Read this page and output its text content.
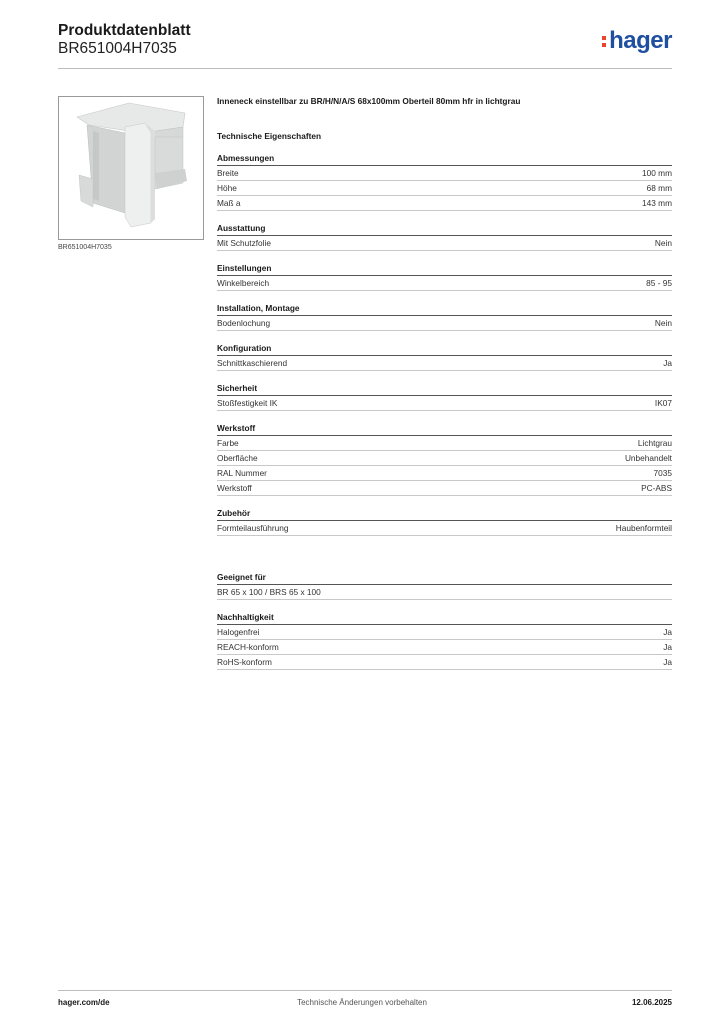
Produktdatenblatt
BR651004H7035	hager
BR651004H7035
Inneneck einstellbar zu BR/H/N/A/S 68x100mm Oberteil 80mm hfr in lichtgrau
Technische Eigenschaften
Abmessungen
Breite	100 mm
Höhe	68 mm
Maß a	143 mm
Ausstattung
Mit Schutzfolie	Nein
Einstellungen
Winkelbereich	85 - 95
Installation, Montage
Bodenlochung	Nein
Konfiguration
Schnittkaschierend	Ja
Sicherheit
Stoßfestigkeit IK	IK07
Werkstoff
Farbe	Lichtgrau
Oberfläche	Unbehandelt
RAL Nummer	7035
Werkstoff	PC-ABS
Zubehör
Formteilausführung	Haubenformteil
Geeignet für
BR 65 x 100 / BRS 65 x 100
Nachhaltigkeit
Halogenfrei	Ja
REACH-konform	Ja
RoHS-konform	Ja
hager.com/de	Technische Änderungen vorbehalten	12.06.2025
